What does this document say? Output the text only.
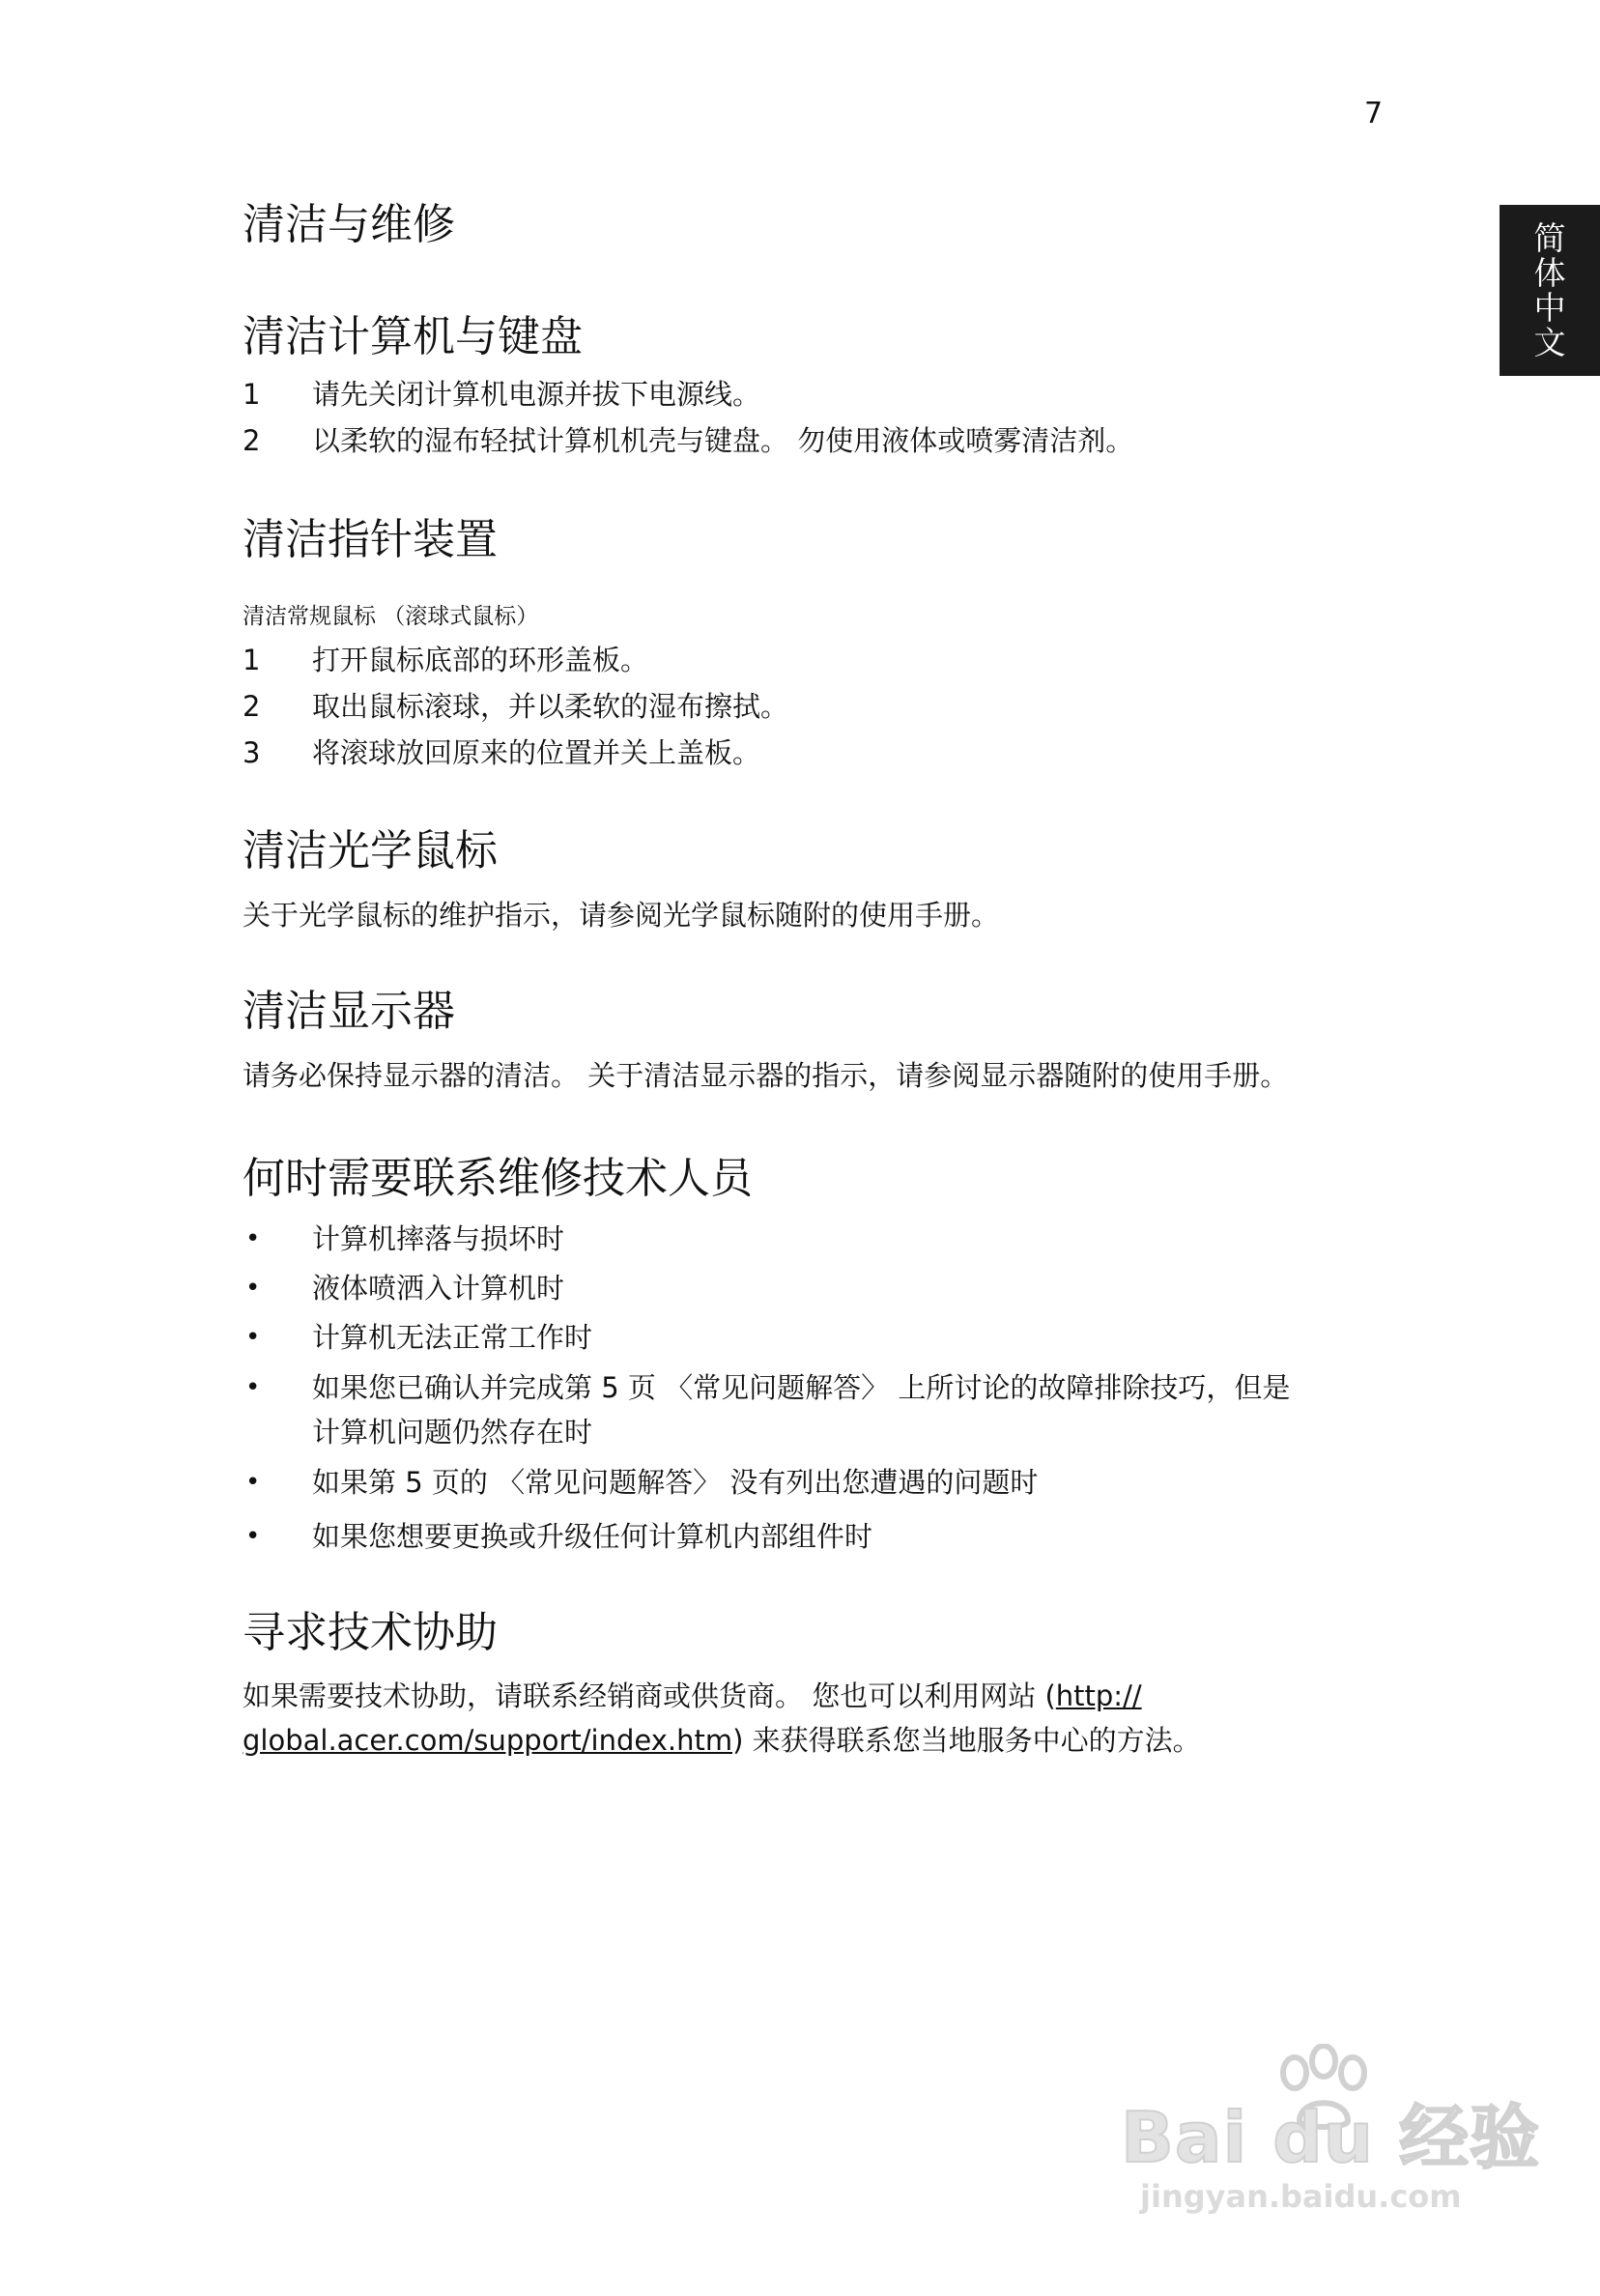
7
简
体
中
文
清洁与维修
清洁计算机与键盘
1 请先关闭计算机电源并拔下电源线。
2 以柔软的湿布轻拭计算机机壳与键盘。 勿使用液体或喷雾清洁剂。
清洁指针装置
清洁常规鼠标 （滚球式鼠标）
1 打开鼠标底部的环形盖板。
2 取出鼠标滚球，并以柔软的湿布擦拭。
3 将滚球放回原来的位置并关上盖板。
清洁光学鼠标
关于光学鼠标的维护指示，请参阅光学鼠标随附的使用手册。
清洁显示器
请务必保持显示器的清洁。 关于清洁显示器的指示，请参阅显示器随附的使用手册。
何时需要联系维修技术人员
• 计算机摔落与损坏时
• 液体喷洒入计算机时
• 计算机无法正常工作时
• 如果您已确认并完成第 5 页 〈常见问题解答〉 上所讨论的故障排除技巧，但是
计算机问题仍然存在时
• 如果第 5 页的 〈常见问题解答〉 没有列出您遭遇的问题时
• 如果您想要更换或升级任何计算机内部组件时
寻求技术协助
如果需要技术协助，请联系经销商或供货商。 您也可以利用网站 (http://
global.acer.com/support/index.htm) 来获得联系您当地服务中心的方法。
Bai du 经验
jingyan.baidu.com
